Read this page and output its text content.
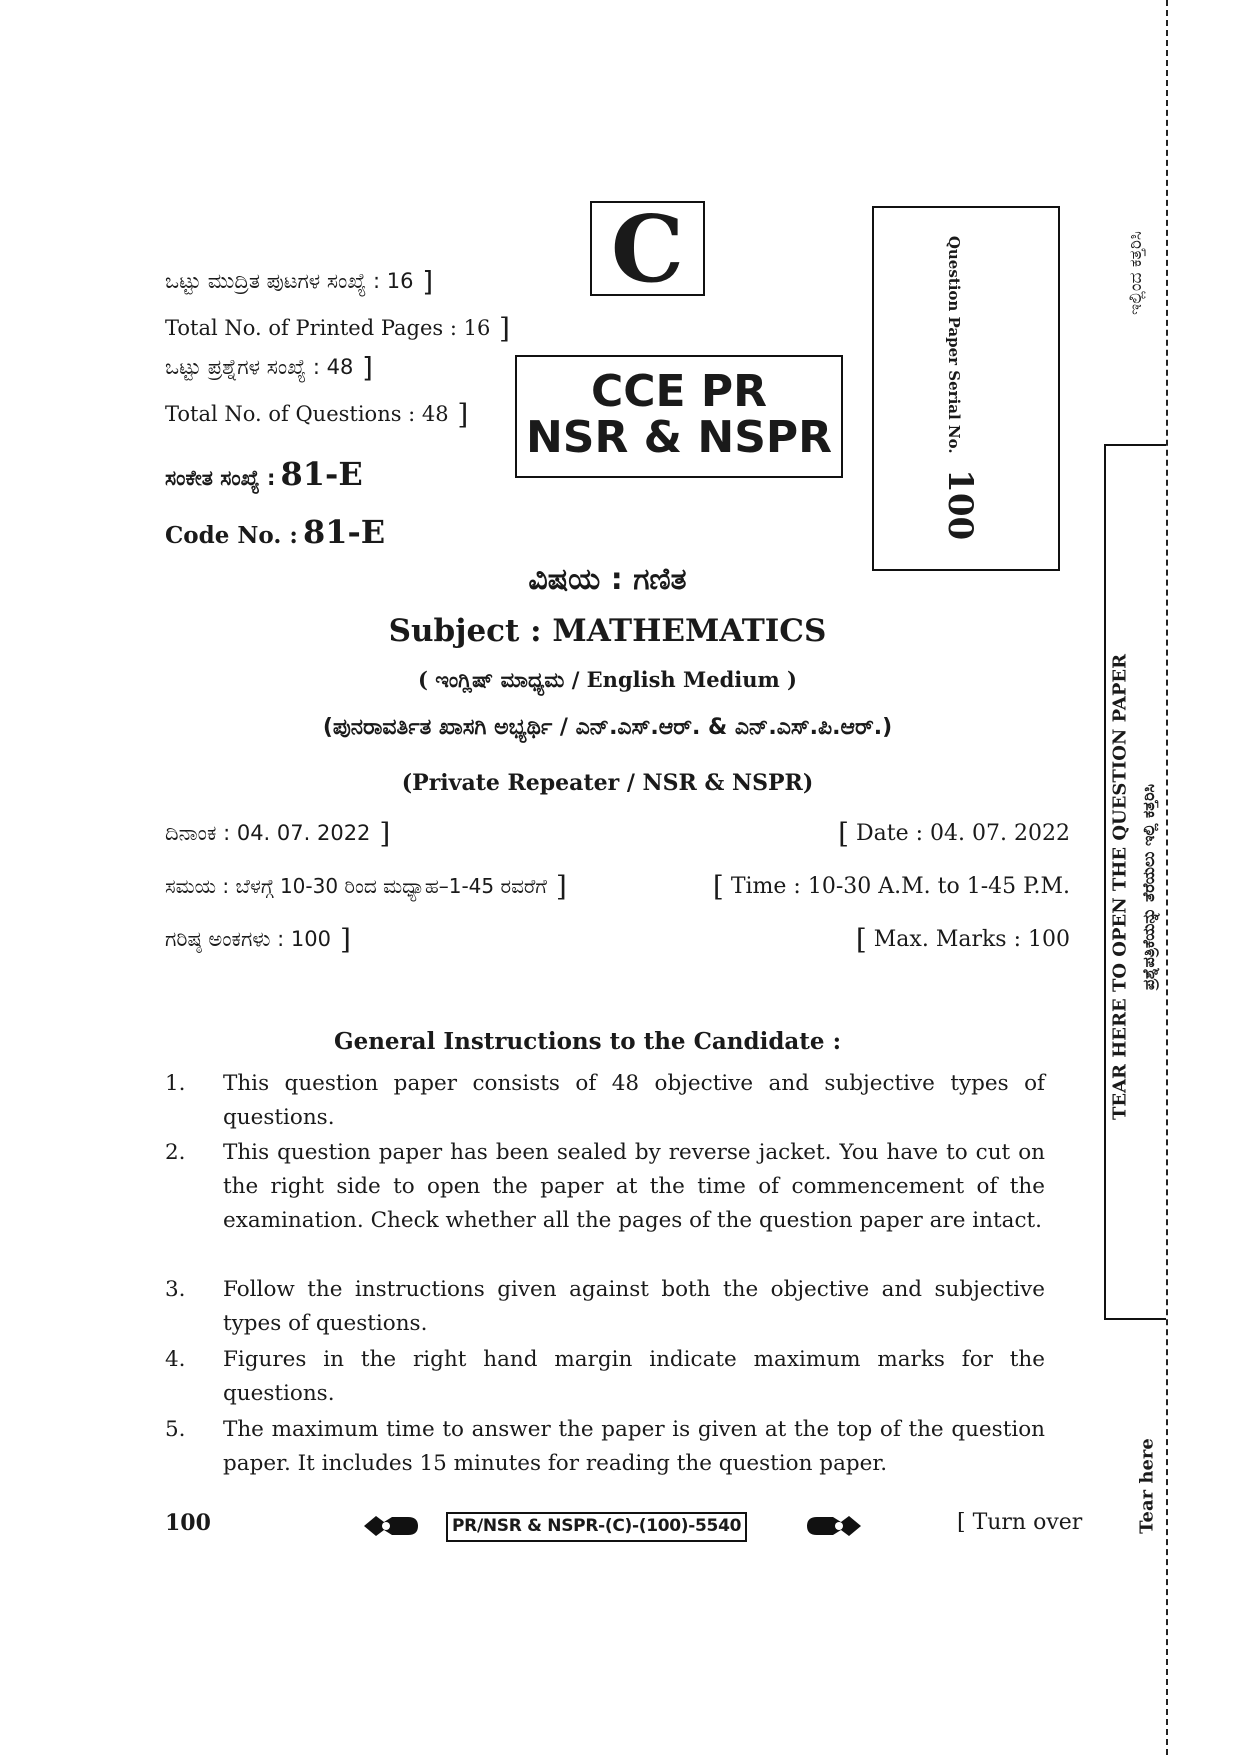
ಒಟ್ಟು ಮುದ್ರಿತ ಪುಟಗಳ ಸಂಖ್ಯೆ : 16 ]
Total No. of Printed Pages : 16 ]
ಒಟ್ಟು ಪ್ರಶ್ನೆಗಳ ಸಂಖ್ಯೆ : 48 ]
Total No. of Questions : 48 ]
ಸಂಕೇತ ಸಂಖ್ಯೆ : 81-E
Code No. : 81-E
C
CCE PR
NSR & NSPR	Question Paper Serial No. 100
ವಿಷಯ : ಗಣಿತ
Subject : MATHEMATICS
( ಇಂಗ್ಲಿಷ್ ಮಾಧ್ಯಮ / English Medium )
(ಪುನರಾವರ್ತಿತ ಖಾಸಗಿ ಅಭ್ಯರ್ಥಿ / ಎನ್.ಎಸ್.ಆರ್. & ಎನ್.ಎಸ್.ಪಿ.ಆರ್.)
(Private Repeater / NSR & NSPR)
ದಿನಾಂಕ : 04. 07. 2022 ]	[ Date : 04. 07. 2022
ಸಮಯ : ಬೆಳಗ್ಗೆ 10-30 ರಿಂದ ಮಧ್ಯಾಹ–1-45 ರವರೆಗೆ ]	[ Time : 10-30 A.M. to 1-45 P.M.
ಗರಿಷ್ಠ ಅಂಕಗಳು : 100 ]	[ Max. Marks : 100
General Instructions to the Candidate :
1. This question paper consists of 48 objective and subjective types of questions.
2. This question paper has been sealed by reverse jacket. You have to cut on the right side to open the paper at the time of commencement of the examination. Check whether all the pages of the question paper are intact.
3. Follow the instructions given against both the objective and subjective types of questions.
4. Figures in the right hand margin indicate maximum marks for the questions.
5. The maximum time to answer the paper is given at the top of the question paper. It includes 15 minutes for reading the question paper.
100	PR/NSR & NSPR-(C)-(100)-5540	[ Turn over
ಇಲ್ಲಿಂದ ಕತ್ತರಿಸಿ
TEAR HERE TO OPEN THE QUESTION PAPER ಪ್ರಶ್ನೆಪತ್ರಿಕೆಯನ್ನು ತೆರೆಯಲು ಇಲ್ಲಿ ಕತ್ತರಿಸಿ
Tear here
